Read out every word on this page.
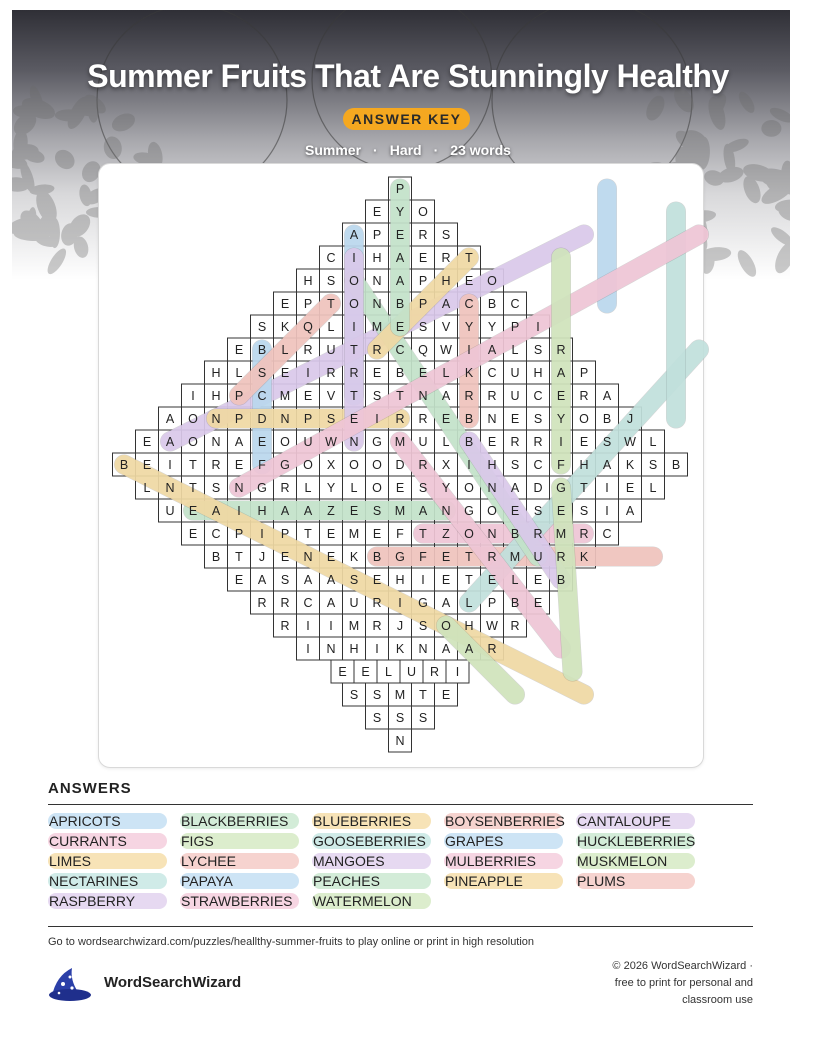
Summer Fruits That Are Stunningly Healthy
ANSWER KEY
Summer · Hard · 23 words
P
E Y O
A P E R S
C I H A E R T
H S O N A P H E O
E P T O N B P A C B C
S K Q L I M E S V Y Y P I
E B L R U T R C Q W I A L S R
H L S E I R R E B E L K C U H A P
I H P C M E V T S T N A R R U C E R A
A O N P D N P S E I R R E B N E S Y O B J
E A O N A E O U W N G M U L B E R R I E S W L
B E I T R E F G O X O O D R X I H S C F H A K S B
L N T S N G R L Y L O E S Y O N A D G T I E L
U E A I H A A Z E S M A N G O E S E S I A
E C P I P T E M E F T Z O N B R M R C
B T J E N E K B G F E T R M U R K
E A S A A S E H I E T E L E B
R R C A U R I G A L P B E
R I I M R J S O H W R
I N H I K N A A R
E E L U R I
S S M T E
S S S
N
ANSWERS
APRICOTS	BLACKBERRIES	BLUEBERRIES	BOYSENBERRIES CANTALOUPE
CURRANTS	FIGS	GOOSEBERRIES	GRAPES	HUCKLEBERRIES
LIMES	LYCHEE	MANGOES	MULBERRIES	MUSKMELON
NECTARINES	PAPAYA	PEACHES	PINEAPPLE	PLUMS
RASPBERRY	STRAWBERRIES	WATERMELON
Go to wordsearchwizard.com/puzzles/heallthy-summer-fruits to play online or print in high resolution
WordSearchWizard
© 2026 WordSearchWizard ·
free to print for personal and
classroom use
